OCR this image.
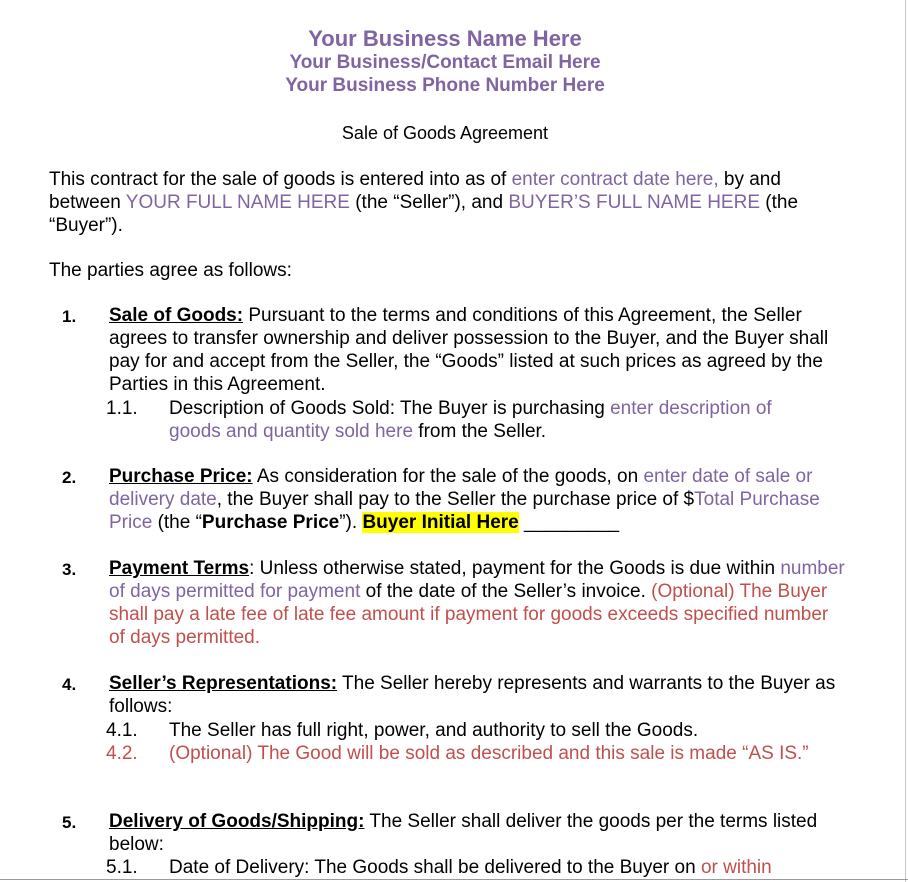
Your Business Name Here
Your Business/Contact Email Here
Your Business Phone Number Here
Sale of Goods Agreement
This contract for the sale of goods is entered into as of enter contract date here, by and between YOUR FULL NAME HERE (the “Seller”), and BUYER’S FULL NAME HERE (the “Buyer”).
The parties agree as follows:
1. Sale of Goods: Pursuant to the terms and conditions of this Agreement, the Seller agrees to transfer ownership and deliver possession to the Buyer, and the Buyer shall pay for and accept from the Seller, the “Goods” listed at such prices as agreed by the Parties in this Agreement.
1.1. Description of Goods Sold: The Buyer is purchasing enter description of goods and quantity sold here from the Seller.
2. Purchase Price: As consideration for the sale of the goods, on enter date of sale or delivery date, the Buyer shall pay to the Seller the purchase price of $Total Purchase Price (the “Purchase Price”). Buyer Initial Here _________
3. Payment Terms: Unless otherwise stated, payment for the Goods is due within number of days permitted for payment of the date of the Seller’s invoice. (Optional) The Buyer shall pay a late fee of late fee amount if payment for goods exceeds specified number of days permitted.
4. Seller’s Representations: The Seller hereby represents and warrants to the Buyer as follows:
4.1. The Seller has full right, power, and authority to sell the Goods.
4.2. (Optional) The Good will be sold as described and this sale is made “AS IS.”
5. Delivery of Goods/Shipping: The Seller shall deliver the goods per the terms listed below:
5.1. Date of Delivery: The Goods shall be delivered to the Buyer on or within
